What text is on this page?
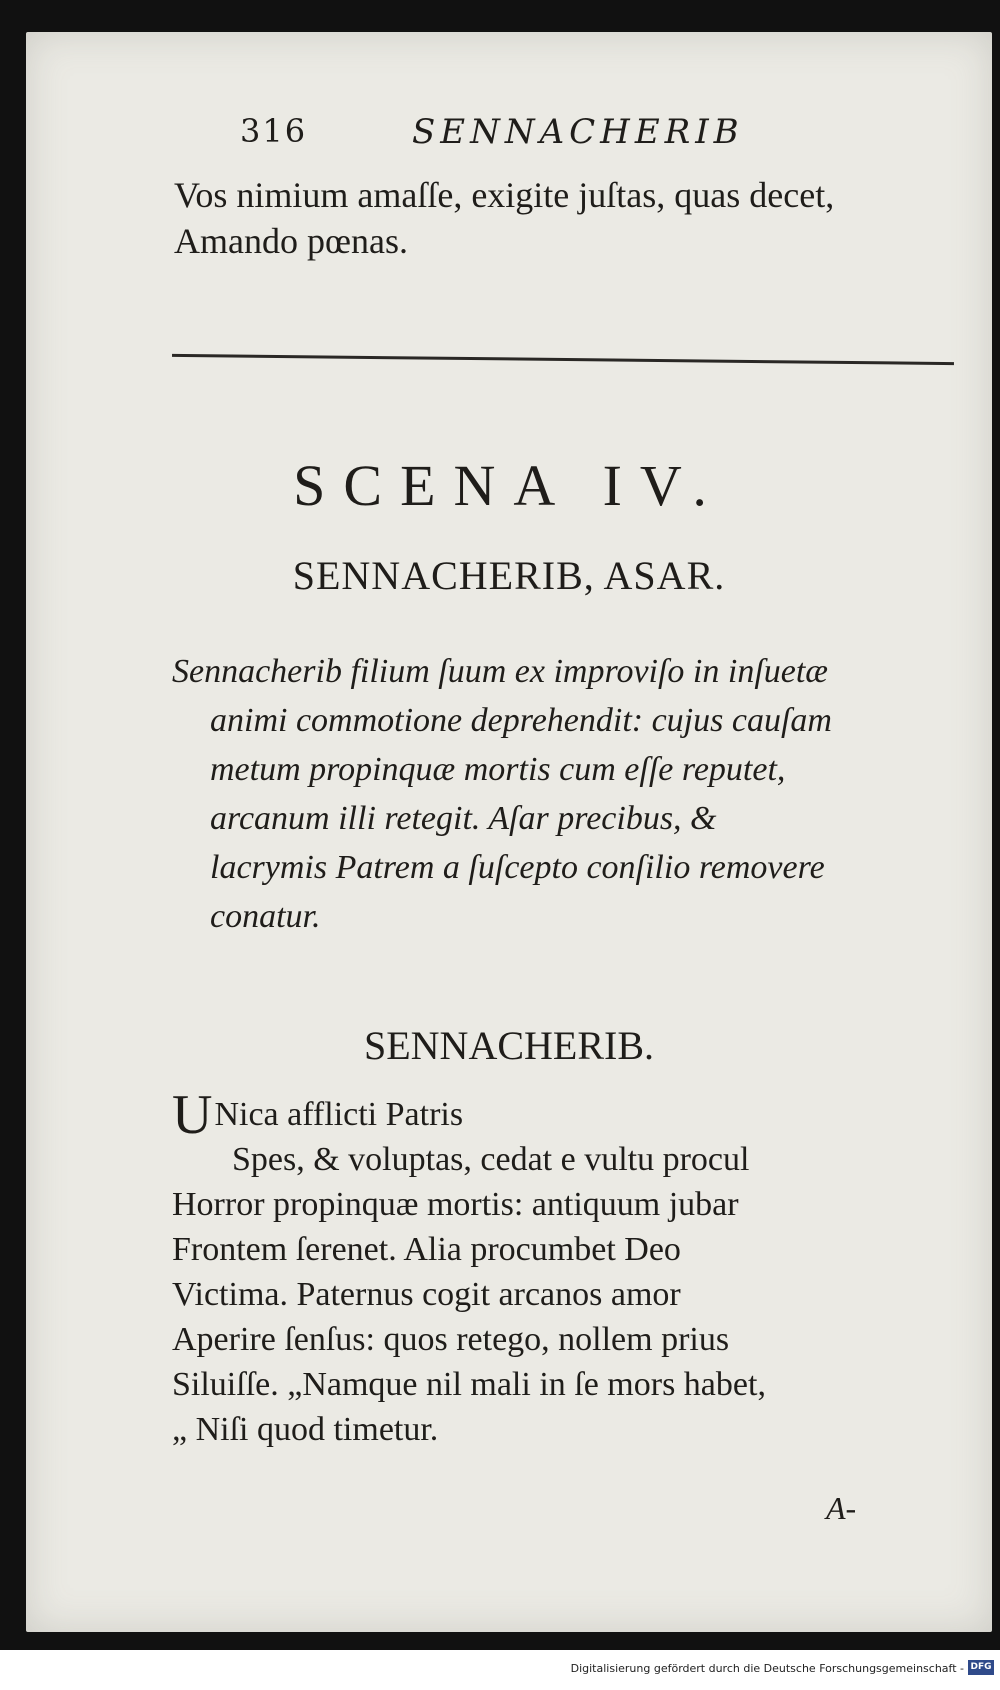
316	SENNACHERIB
Vos nimium amaſſe, exigite juſtas, quas decet,
Amando pœnas.
SCENA IV.
SENNACHERIB, ASAR.
Sennacherib filium ſuum ex improviſo in inſuetæ
animi commotione deprehendit: cujus cauſam
metum propinquæ mortis cum eſſe reputet,
arcanum illi retegit. Aſar precibus, &
lacrymis Patrem a ſuſcepto conſilio removere
conatur.
SENNACHERIB.
UNica afflicti Patris
Spes, & voluptas, cedat e vultu procul
Horror propinquæ mortis: antiquum jubar
Frontem ſerenet. Alia procumbet Deo
Victima. Paternus cogit arcanos amor
Aperire ſenſus: quos retego, nollem prius
Siluiſſe. „Namque nil mali in ſe mors habet,
„ Niſi quod timetur.
A-
Digitalisierung gefördert durch die Deutsche Forschungsgemeinschaft - DFG
